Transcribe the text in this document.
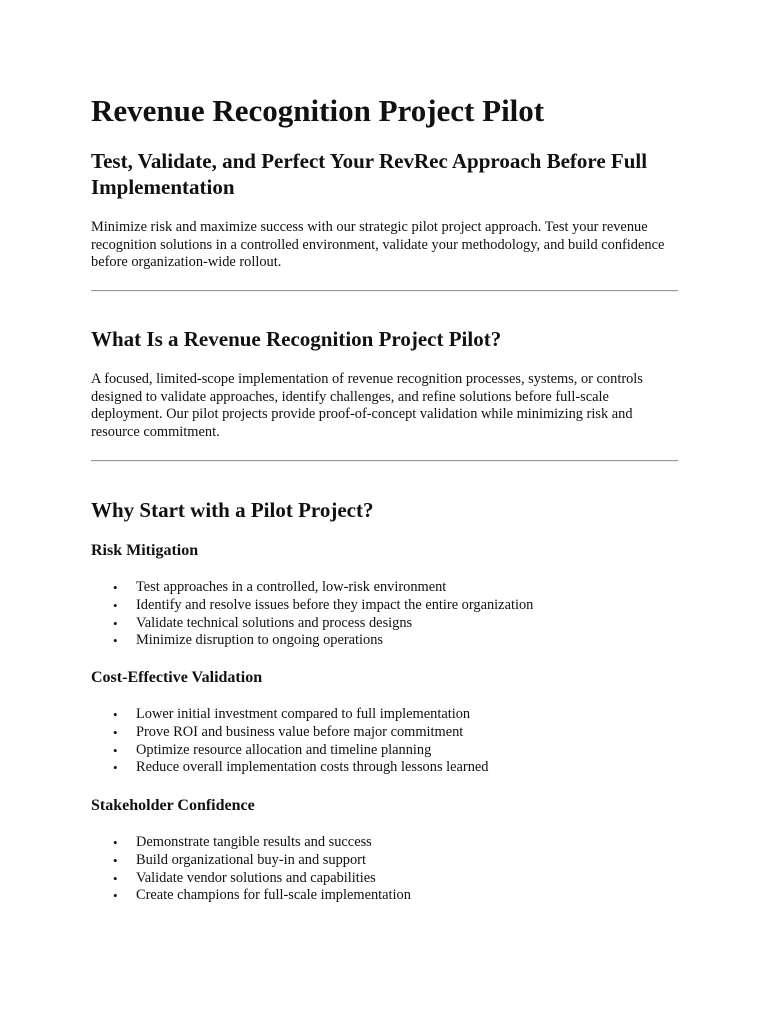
Revenue Recognition Project Pilot
Test, Validate, and Perfect Your RevRec Approach Before Full Implementation

Minimize risk and maximize success with our strategic pilot project approach. Test your revenue recognition solutions in a controlled environment, validate your methodology, and build confidence before organization-wide rollout.

What Is a Revenue Recognition Project Pilot?

A focused, limited-scope implementation of revenue recognition processes, systems, or controls designed to validate approaches, identify challenges, and refine solutions before full-scale deployment. Our pilot projects provide proof-of-concept validation while minimizing risk and resource commitment.

Why Start with a Pilot Project?
Risk Mitigation
• Test approaches in a controlled, low-risk environment
• Identify and resolve issues before they impact the entire organization
• Validate technical solutions and process designs
• Minimize disruption to ongoing operations
Cost-Effective Validation
• Lower initial investment compared to full implementation
• Prove ROI and business value before major commitment
• Optimize resource allocation and timeline planning
• Reduce overall implementation costs through lessons learned
Stakeholder Confidence
• Demonstrate tangible results and success
• Build organizational buy-in and support
• Validate vendor solutions and capabilities
• Create champions for full-scale implementation
